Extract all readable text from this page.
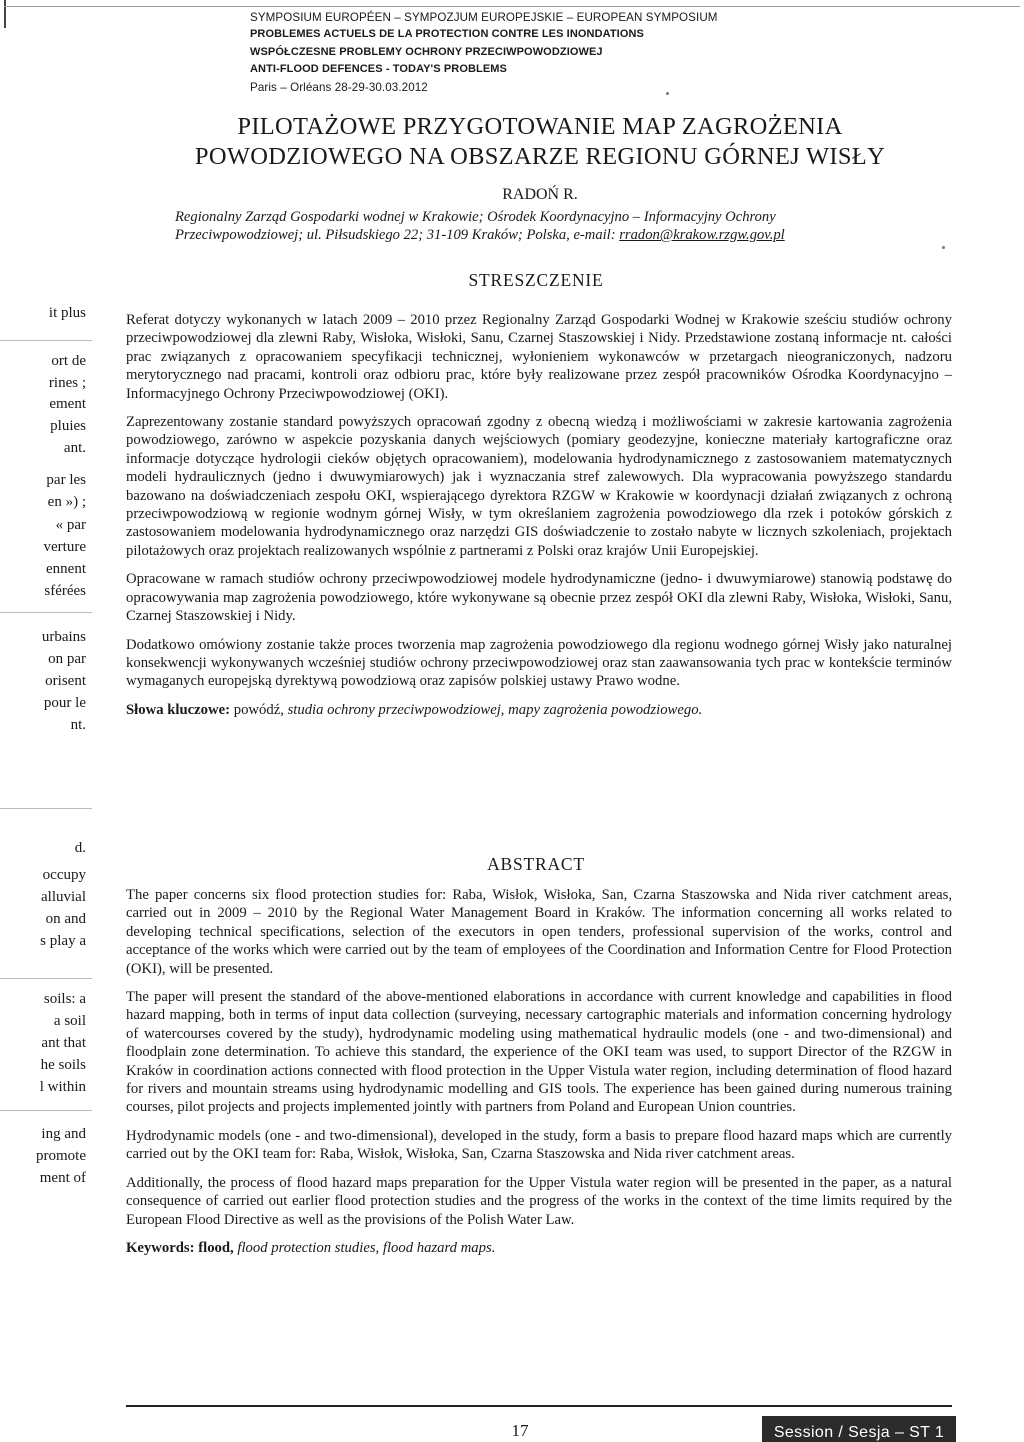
SYMPOSIUM EUROPÉEN – SYMPOZJUM EUROPEJSKIE – EUROPEAN SYMPOSIUM
PROBLEMES ACTUELS DE LA PROTECTION CONTRE LES INONDATIONS
WSPÓŁCZESNE PROBLEMY OCHRONY PRZECIWPOWODZIOWEJ
ANTI-FLOOD DEFENCES - TODAY'S PROBLEMS
Paris – Orléans 28-29-30.03.2012
PILOTAŻOWE PRZYGOTOWANIE MAP ZAGROŻENIA
POWODZIOWEGO NA OBSZARZE REGIONU GÓRNEJ WISŁY
RADOŃ R.
Regionalny Zarząd Gospodarki wodnej w Krakowie; Ośrodek Koordynacyjno – Informacyjny Ochrony
Przeciwpowodziowej; ul. Piłsudskiego 22; 31-109 Kraków; Polska, e-mail: rradon@krakow.rzgw.gov.pl
STRESZCZENIE

Referat dotyczy wykonanych w latach 2009 – 2010 przez Regionalny Zarząd Gospodarki Wodnej w Krakowie sześciu studiów ochrony przeciwpowodziowej dla zlewni Raby, Wisłoka, Wisłoki, Sanu, Czarnej Staszowskiej i Nidy. Przedstawione zostaną informacje nt. całości prac związanych z opracowaniem specyfikacji technicznej, wyłonieniem wykonawców w przetargach nieograniczonych, nadzoru merytorycznego nad pracami, kontroli oraz odbioru prac, które były realizowane przez zespół pracowników Ośrodka Koordynacyjno – Informacyjnego Ochrony Przeciwpowodziowej (OKI).

Zaprezentowany zostanie standard powyższych opracowań zgodny z obecną wiedzą i możliwościami w zakresie kartowania zagrożenia powodziowego, zarówno w aspekcie pozyskania danych wejściowych (pomiary geodezyjne, konieczne materiały kartograficzne oraz informacje dotyczące hydrologii cieków objętych opracowaniem), modelowania hydrodynamicznego z zastosowaniem matematycznych modeli hydraulicznych (jedno i dwuwymiarowych) jak i wyznaczania stref zalewowych. Dla wypracowania powyższego standardu bazowano na doświadczeniach zespołu OKI, wspierającego dyrektora RZGW w Krakowie w koordynacji działań związanych z ochroną przeciwpowodziową w regionie wodnym górnej Wisły, w tym określaniem zagrożenia powodziowego dla rzek i potoków górskich z zastosowaniem modelowania hydrodynamicznego oraz narzędzi GIS doświadczenie to zostało nabyte w licznych szkoleniach, projektach pilotażowych oraz projektach realizowanych wspólnie z partnerami z Polski oraz krajów Unii Europejskiej.

Opracowane w ramach studiów ochrony przeciwpowodziowej modele hydrodynamiczne (jedno- i dwuwymiarowe) stanowią podstawę do opracowywania map zagrożenia powodziowego, które wykonywane są obecnie przez zespół OKI dla zlewni Raby, Wisłoka, Wisłoki, Sanu, Czarnej Staszowskiej i Nidy.

Dodatkowo omówiony zostanie także proces tworzenia map zagrożenia powodziowego dla regionu wodnego górnej Wisły jako naturalnej konsekwencji wykonywanych wcześniej studiów ochrony przeciwpowodziowej oraz stan zaawansowania tych prac w kontekście terminów wymaganych europejską dyrektywą powodziową oraz zapisów polskiej ustawy Prawo wodne.

Słowa kluczowe: powódź, studia ochrony przeciwpowodziowej, mapy zagrożenia powodziowego.

ABSTRACT

The paper concerns six flood protection studies for: Raba, Wisłok, Wisłoka, San, Czarna Staszowska and Nida river catchment areas, carried out in 2009 – 2010 by the Regional Water Management Board in Kraków. The information concerning all works related to developing technical specifications, selection of the executors in open tenders, professional supervision of the works, control and acceptance of the works which were carried out by the team of employees of the Coordination and Information Centre for Flood Protection (OKI), will be presented.

The paper will present the standard of the above-mentioned elaborations in accordance with current knowledge and capabilities in flood hazard mapping, both in terms of input data collection (surveying, necessary cartographic materials and information concerning hydrology of watercourses covered by the study), hydrodynamic modeling using mathematical hydraulic models (one - and two-dimensional) and floodplain zone determination. To achieve this standard, the experience of the OKI team was used, to support Director of the RZGW in Kraków in coordination actions connected with flood protection in the Upper Vistula water region, including determination of flood hazard for rivers and mountain streams using hydrodynamic modelling and GIS tools. The experience has been gained during numerous training courses, pilot projects and projects implemented jointly with partners from Poland and European Union countries.

Hydrodynamic models (one - and two-dimensional), developed in the study, form a basis to prepare flood hazard maps which are currently carried out by the OKI team for: Raba, Wisłok, Wisłoka, San, Czarna Staszowska and Nida river catchment areas.

Additionally, the process of flood hazard maps preparation for the Upper Vistula water region will be presented in the paper, as a natural consequence of carried out earlier flood protection studies and the progress of the works in the context of the time limits required by the European Flood Directive as well as the provisions of the Polish Water Law.

Keywords: flood, flood protection studies, flood hazard maps.

it plus
ort de
rines ;
ement
pluies
ant.
par les
en ») ;
« par
verture
ennent
sférées
urbains
on par
orisent
pour le
nt.
d.
occupy
alluvial
on and
s play a
soils: a
a soil
ant that
he soils
l within
ing and
promote
ment of
17	Session / Sesja – ST 1
